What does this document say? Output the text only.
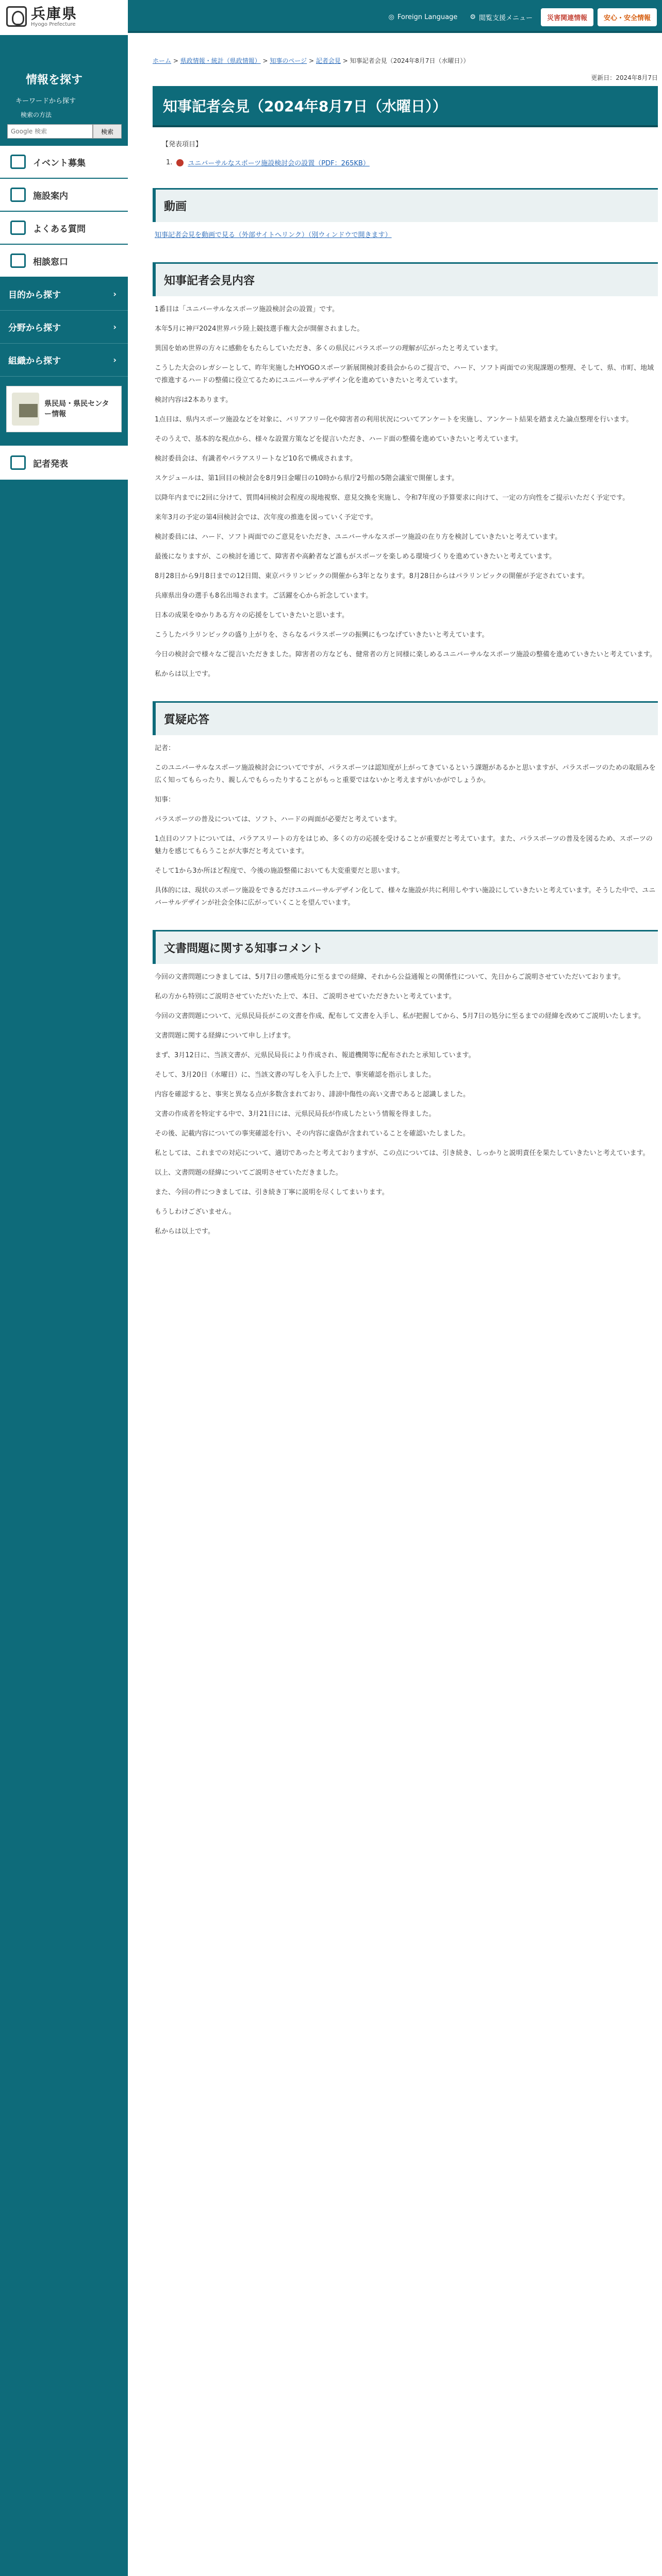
兵庫県
Hyogo Prefecture
◎ Foreign Language ⚙ 閲覧支援メニュー	災害関連情報	安心・安全情報
情報を探す
キーワードから探す
検索の方法
Google 検索
検索
イベント募集
施設案内
よくある質問
相談窓口
目的から探す	›
分野から探す	›
組織から探す	›
県民局・県民センター情報
記者発表
ホーム > 県政情報・統計（県政情報） > 知事のページ > 記者会見 > 知事記者会見（2024年8月7日（水曜日））
更新日：2024年8月7日
知事記者会見（2024年8月7日（水曜日））
【発表項目】
1. ユニバーサルなスポーツ施設検討会の設置（PDF：265KB）
動画
知事記者会見を動画で見る（外部サイトへリンク）（別ウィンドウで開きます）
知事記者会見内容
1番目は「ユニバーサルなスポーツ施設検討会の設置」です。
本年5月に神戸2024世界パラ陸上競技選手権大会が開催されました。
異国を始め世界の方々に感動をもたらしていただき、多くの県民にパラスポーツの理解が広がったと考えています。
こうした大会のレガシーとして、昨年実施したHYOGOスポーツ新展開検討委員会からのご提言で、ハード、ソフト両面での実現課題の整理、そして、県、市町、地域で推進するハードの整備に役立てるためにユニバーサルデザイン化を進めていきたいと考えています。
検討内容は2本あります。
1点目は、県内スポーツ施設などを対象に、バリアフリー化や障害者の利用状況についてアンケートを実施し、アンケート結果を踏まえた論点整理を行います。
そのうえで、基本的な視点から、様々な設置方策などを提言いただき、ハード面の整備を進めていきたいと考えています。
検討委員会は、有識者やパラアスリートなど10名で構成されます。
スケジュールは、第1回目の検討会を8月9日金曜日の10時から県庁2号館の5階会議室で開催します。
以降年内までに2回に分けて、質問4回検討会程度の現地視察、意見交換を実施し、令和7年度の予算要求に向けて、一定の方向性をご提示いただく予定です。
来年3月の予定の第4回検討会では、次年度の推進を図っていく予定です。
検討委員には、ハード、ソフト両面でのご意見をいただき、ユニバーサルなスポーツ施設の在り方を検討していきたいと考えています。
最後になりますが、この検討を通じて、障害者や高齢者など誰もがスポーツを楽しめる環境づくりを進めていきたいと考えています。
8月28日から9月8日までの12日間、東京パラリンピックの開催から3年となります。8月28日からはパラリンピックの開催が予定されています。
兵庫県出身の選手も8名出場されます。ご活躍を心から祈念しています。
日本の成果をゆかりある方々の応援をしていきたいと思います。
こうしたパラリンピックの盛り上がりを、さらなるパラスポーツの振興にもつなげていきたいと考えています。
今日の検討会で様々なご提言いただきました。障害者の方なども、健常者の方と同様に楽しめるユニバーサルなスポーツ施設の整備を進めていきたいと考えています。
私からは以上です。
質疑応答
記者：
このユニバーサルなスポーツ施設検討会についてですが、パラスポーツは認知度が上がってきているという課題があるかと思いますが、パラスポーツのための取組みを広く知ってもらったり、親しんでもらったりすることがもっと重要ではないかと考えますがいかがでしょうか。
知事：
パラスポーツの普及については、ソフト、ハードの両面が必要だと考えています。
1点目のソフトについては、パラアスリートの方をはじめ、多くの方の応援を受けることが重要だと考えています。また、パラスポーツの普及を図るため、スポーツの魅力を感じてもらうことが大事だと考えています。
そして1から3か所ほど程度で、今後の施設整備においても大変重要だと思います。
具体的には、現状のスポーツ施設をできるだけユニバーサルデザイン化して、様々な施設が共に利用しやすい施設にしていきたいと考えています。そうした中で、ユニバーサルデザインが社会全体に広がっていくことを望んでいます。
文書問題に関する知事コメント
今回の文書問題につきましては、5月7日の懲戒処分に至るまでの経緯、それから公益通報との関係性について、先日からご説明させていただいております。
私の方から特別にご説明させていただいた上で、本日、ご説明させていただきたいと考えています。
今回の文書問題について、元県民局長がこの文書を作成、配布して文書を入手し、私が把握してから、5月7日の処分に至るまでの経緯を改めてご説明いたします。
文書問題に関する経緯について申し上げます。
まず、3月12日に、当該文書が、元県民局長により作成され、報道機関等に配布されたと承知しています。
そして、3月20日（水曜日）に、当該文書の写しを入手した上で、事実確認を指示しました。
内容を確認すると、事実と異なる点が多数含まれており、誹謗中傷性の高い文書であると認識しました。
文書の作成者を特定する中で、3月21日には、元県民局長が作成したという情報を得ました。
その後、記載内容についての事実確認を行い、その内容に虚偽が含まれていることを確認いたしました。
私としては、これまでの対応について、適切であったと考えておりますが、この点については、引き続き、しっかりと説明責任を果たしていきたいと考えています。
以上、文書問題の経緯についてご説明させていただきました。
また、今回の件につきましては、引き続き丁寧に説明を尽くしてまいります。
もうしわけございません。
私からは以上です。
